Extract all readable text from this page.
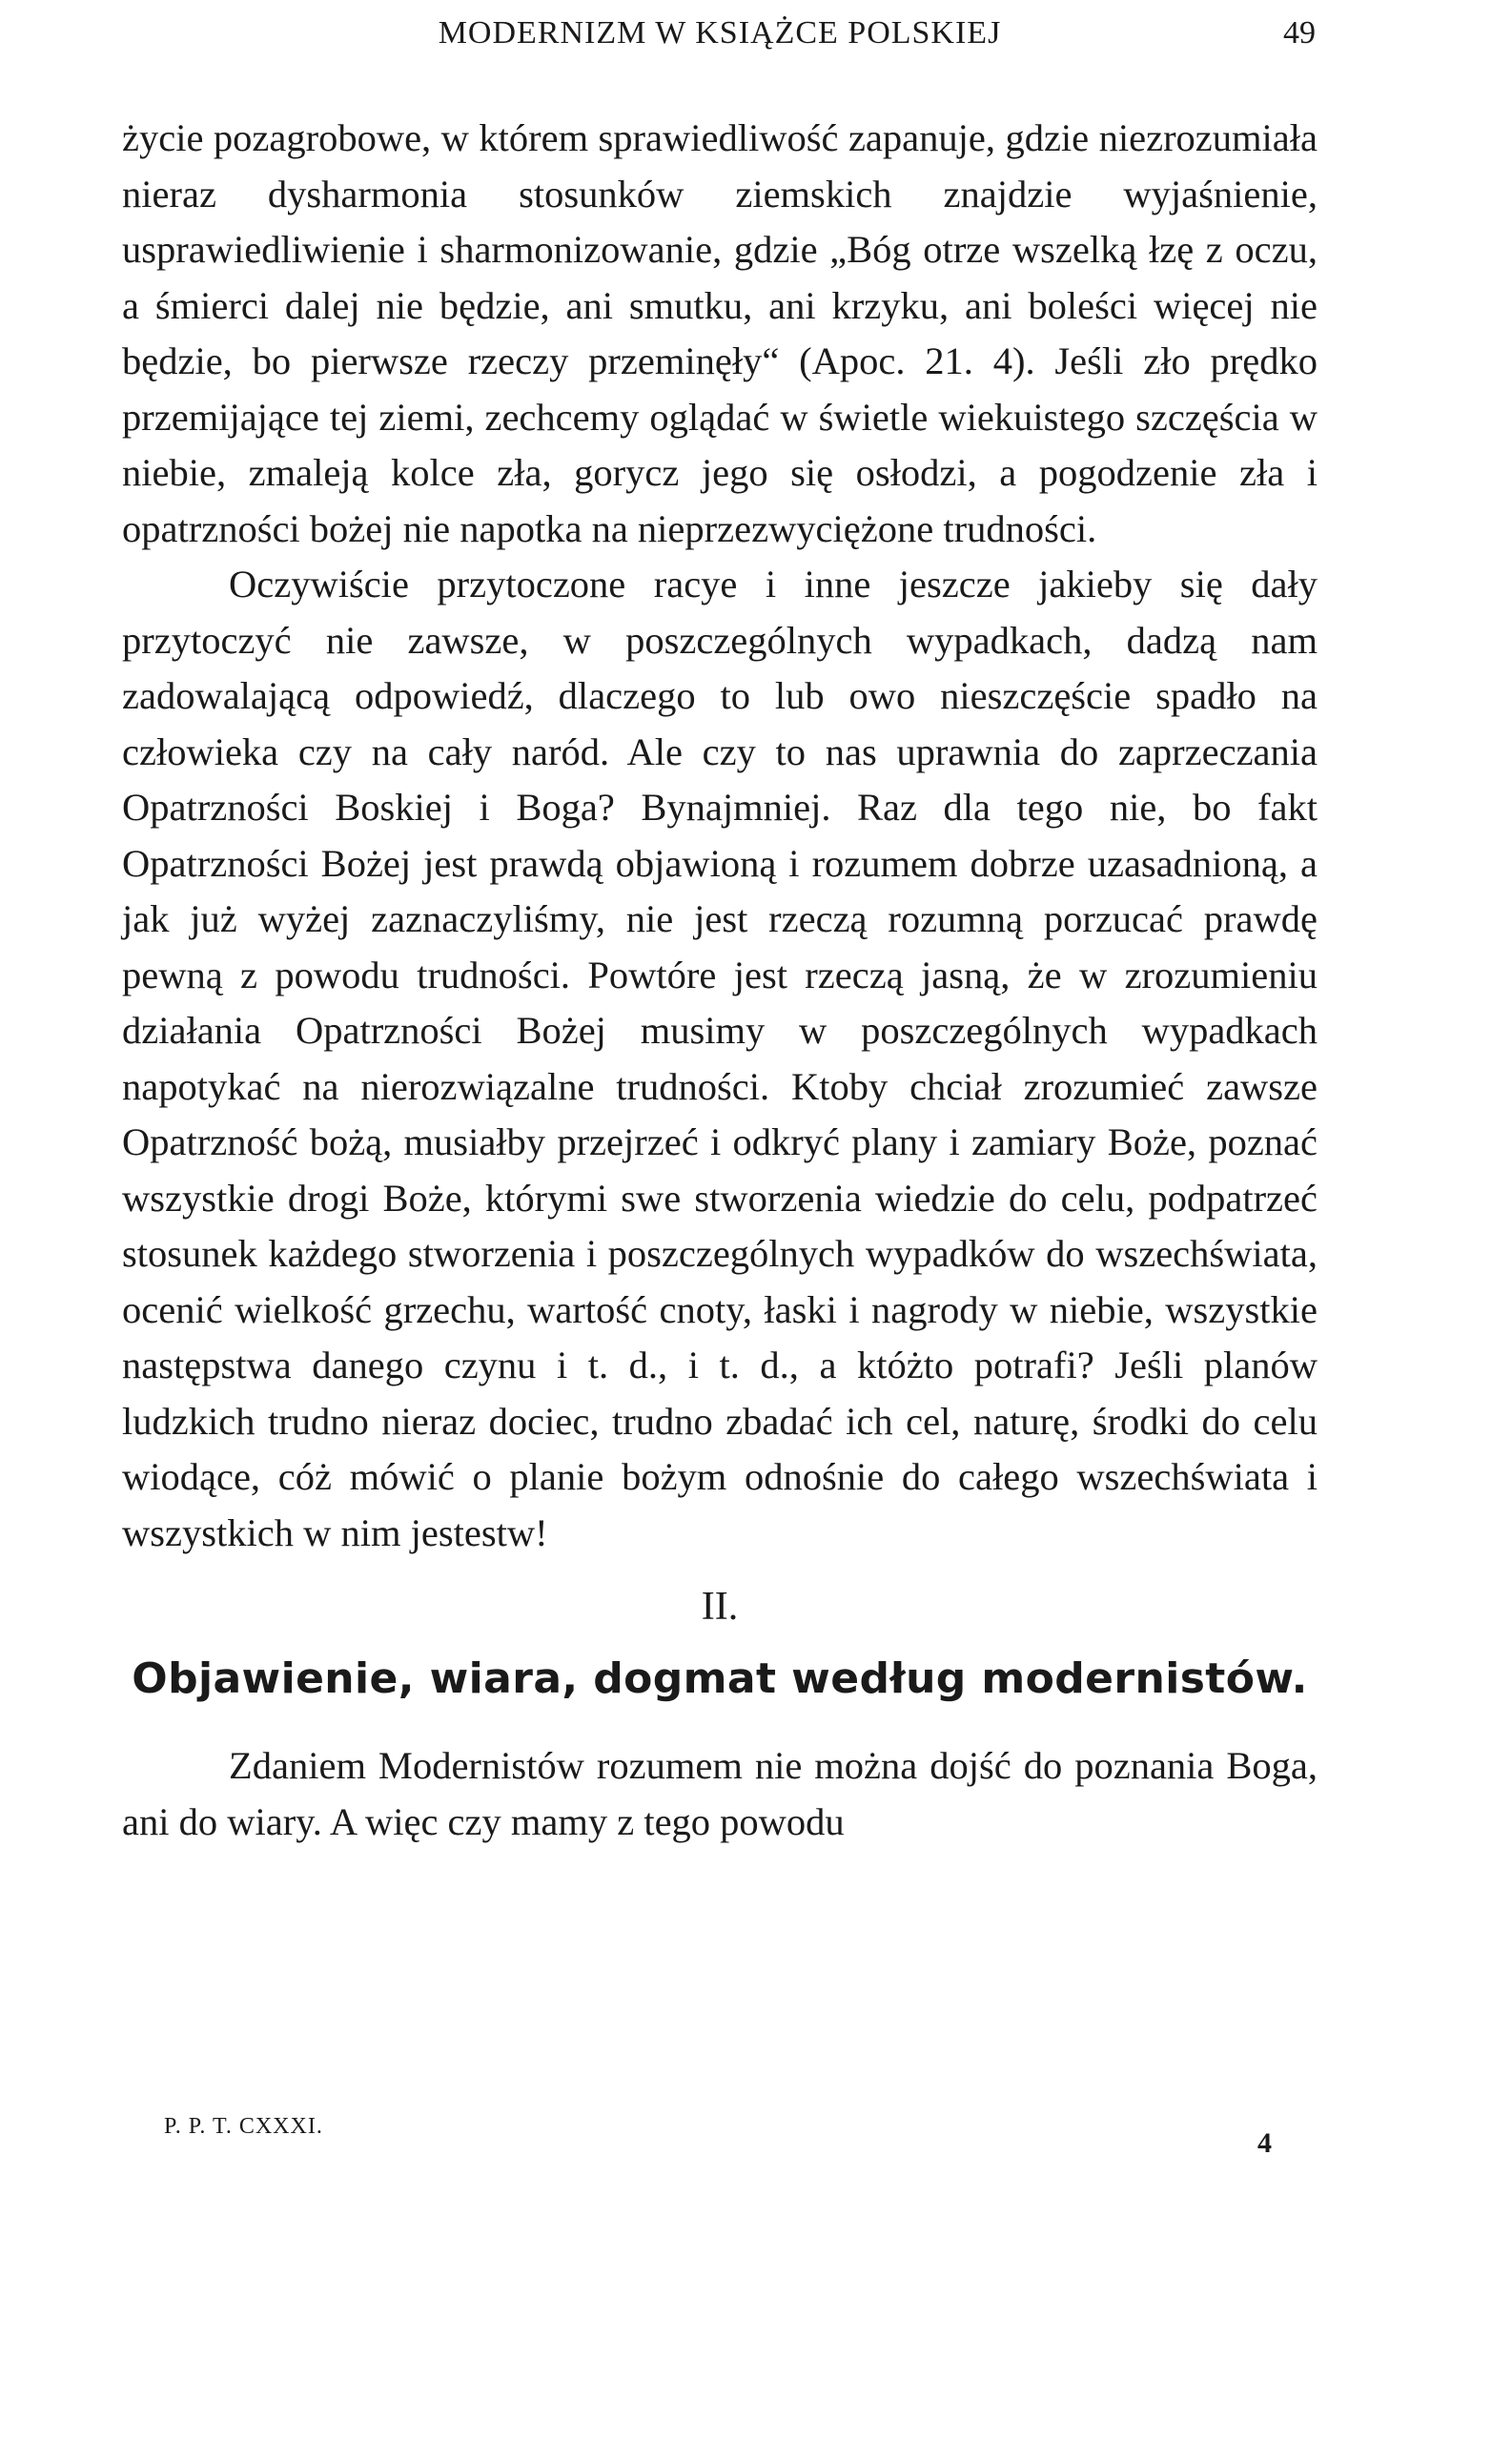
MODERNIZM W KSIĄŻCE POLSKIEJ	49

życie pozagrobowe, w którem sprawiedliwość zapanuje, gdzie niezrozumiała nieraz dysharmonia stosunków ziemskich znajdzie wyjaśnienie, usprawiedliwienie i sharmonizowanie, gdzie „Bóg otrze wszelką łzę z oczu, a śmierci dalej nie będzie, ani smutku, ani krzyku, ani boleści więcej nie będzie, bo pierwsze rzeczy przeminęły“ (Apoc. 21. 4). Jeśli zło prędko przemijające tej ziemi, zechcemy oglądać w świetle wiekuistego szczęścia w niebie, zmaleją kolce zła, gorycz jego się osłodzi, a pogodzenie zła i opatrzności bożej nie napotka na nieprzezwyciężone trudności.

Oczywiście przytoczone racye i inne jeszcze jakieby się dały przytoczyć nie zawsze, w poszczególnych wypadkach, dadzą nam zadowalającą odpowiedź, dlaczego to lub owo nieszczęście spadło na człowieka czy na cały naród. Ale czy to nas uprawnia do zaprzeczania Opatrzności Boskiej i Boga? Bynajmniej. Raz dla tego nie, bo fakt Opatrzności Bożej jest prawdą objawioną i rozumem dobrze uzasadnioną, a jak już wyżej zaznaczyliśmy, nie jest rzeczą rozumną porzucać prawdę pewną z powodu trudności. Powtóre jest rzeczą jasną, że w zrozumieniu działania Opatrzności Bożej musimy w poszczególnych wypadkach napotykać na nierozwiązalne trudności. Ktoby chciał zrozumieć zawsze Opatrzność bożą, musiałby przejrzeć i odkryć plany i zamiary Boże, poznać wszystkie drogi Boże, którymi swe stworzenia wiedzie do celu, podpatrzeć stosunek każdego stworzenia i poszczególnych wypadków do wszechświata, ocenić wielkość grzechu, wartość cnoty, łaski i nagrody w niebie, wszystkie następstwa danego czynu i t. d., i t. d., a któżto potrafi? Jeśli planów ludzkich trudno nieraz dociec, trudno zbadać ich cel, naturę, środki do celu wiodące, cóż mówić o planie bożym odnośnie do całego wszechświata i wszystkich w nim jestestw!

II.
Objawienie, wiara, dogmat według modernistów.

Zdaniem Modernistów rozumem nie można dojść do poznania Boga, ani do wiary. A więc czy mamy z tego powodu

P. P. T. CXXXI.
4
